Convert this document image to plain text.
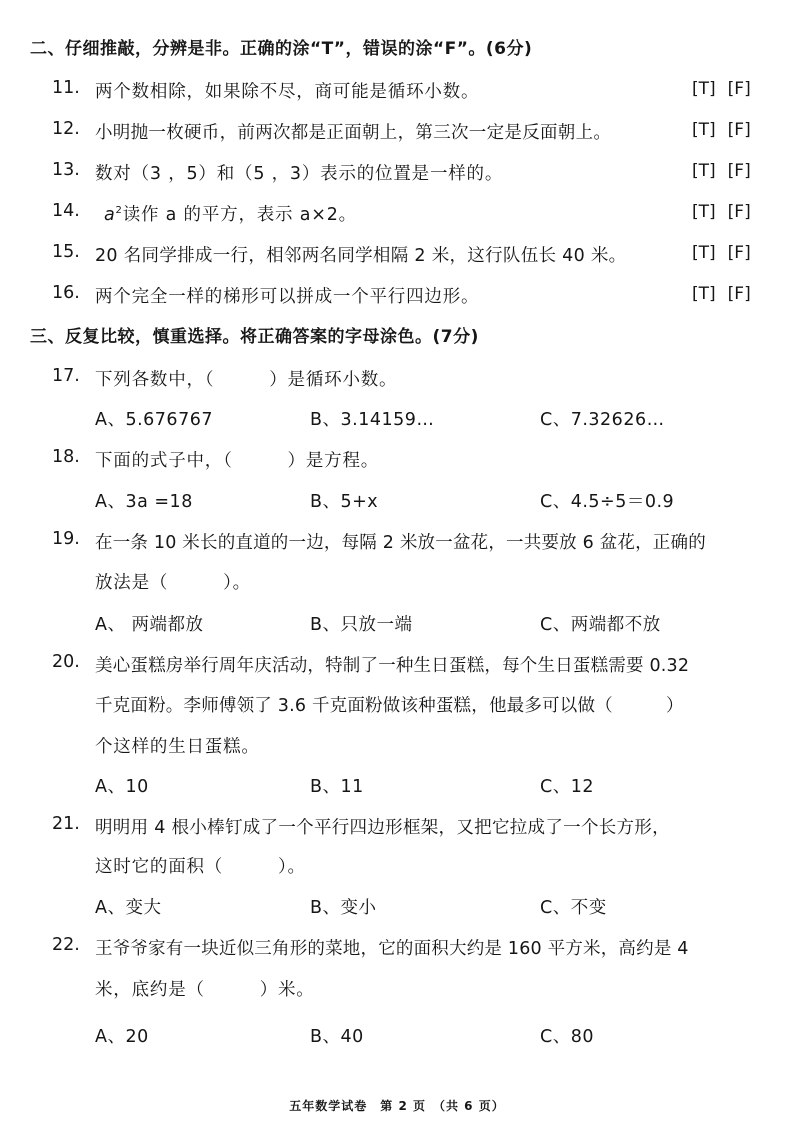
二、仔细推敲，分辨是非。正确的涂“T”，错误的涂“F”。(6分)
11. 两个数相除，如果除不尽，商可能是循环小数。	[T] [F]
12. 小明抛一枚硬币，前两次都是正面朝上，第三次一定是反面朝上。	[T] [F]
13. 数对（3 ，5）和（5 ，3）表示的位置是一样的。	[T] [F]
14. $a^2$读作 a 的平方，表示 a×2。	[T] [F]
15. 20 名同学排成一行，相邻两名同学相隔 2 米，这行队伍长 40 米。	[T] [F]
16. 两个完全一样的梯形可以拼成一个平行四边形。	[T] [F]
三、反复比较，慎重选择。将正确答案的字母涂色。(7分)
17. 下列各数中，（　　　）是循环小数。
A、5.676767	B、3.14159…	C、7.32626…
18. 下面的式子中，（　　　）是方程。
A、3a =18	B、5+x	C、4.5÷5＝0.9
19. 在一条 10 米长的直道的一边，每隔 2 米放一盆花，一共要放 6 盆花，正确的
放法是（　　　）。
A、 两端都放	B、只放一端	C、两端都不放
20. 美心蛋糕房举行周年庆活动，特制了一种生日蛋糕，每个生日蛋糕需要 0.32
千克面粉。李师傅领了 3.6 千克面粉做该种蛋糕，他最多可以做（　　　）
个这样的生日蛋糕。
A、10	B、11	C、12
21. 明明用 4 根小棒钉成了一个平行四边形框架，又把它拉成了一个长方形，
这时它的面积（　　　）。
A、变大	B、变小	C、不变
22. 王爷爷家有一块近似三角形的菜地，它的面积大约是 160 平方米，高约是 4
米，底约是（　　　）米。
A、20	B、40	C、80
五年数学试卷　第 2 页　（共 6 页）
